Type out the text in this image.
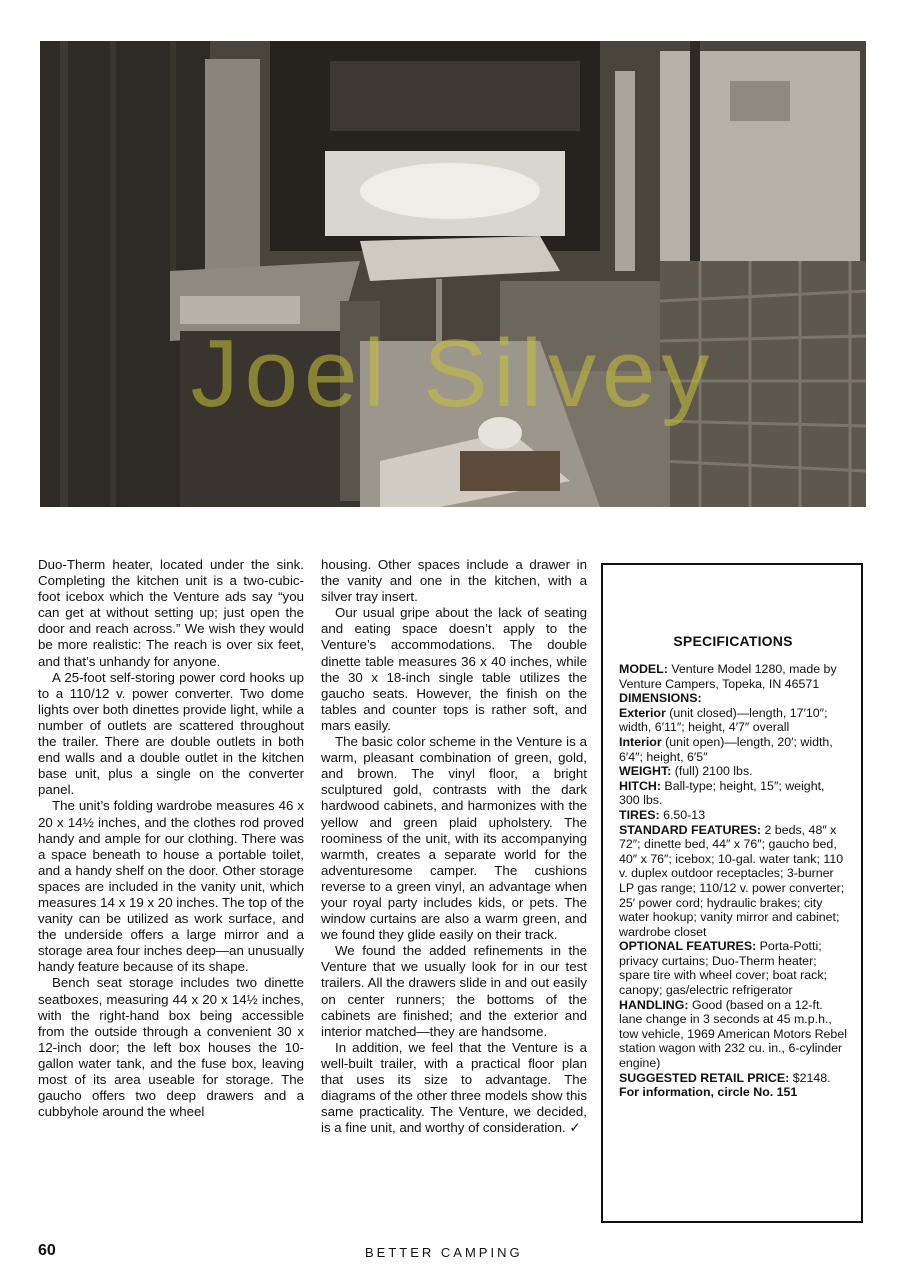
Joel Silvey

Duo-Therm heater, located under the sink. Completing the kitchen unit is a two-cubic-foot icebox which the Venture ads say “you can get at without setting up; just open the door and reach across.” We wish they would be more realistic: The reach is over six feet, and that’s unhandy for anyone.

A 25-foot self-storing power cord hooks up to a 110/12 v. power converter. Two dome lights over both dinettes provide light, while a number of outlets are scattered throughout the trailer. There are double outlets in both end walls and a double outlet in the kitchen base unit, plus a single on the converter panel.

The unit’s folding wardrobe measures 46 x 20 x 14½ inches, and the clothes rod proved handy and ample for our clothing. There was a space beneath to house a portable toilet, and a handy shelf on the door. Other storage spaces are included in the vanity unit, which measures 14 x 19 x 20 inches. The top of the vanity can be utilized as work surface, and the underside offers a large mirror and a storage area four inches deep—an unusually handy feature because of its shape.

Bench seat storage includes two dinette seatboxes, measuring 44 x 20 x 14½ inches, with the right-hand box being accessible from the outside through a convenient 30 x 12-inch door; the left box houses the 10-gallon water tank, and the fuse box, leaving most of its area useable for storage. The gaucho offers two deep drawers and a cubbyhole around the wheel

housing. Other spaces include a drawer in the vanity and one in the kitchen, with a silver tray insert.

Our usual gripe about the lack of seating and eating space doesn’t apply to the Venture’s accommodations. The double dinette table measures 36 x 40 inches, while the 30 x 18-inch single table utilizes the gaucho seats. However, the finish on the tables and counter tops is rather soft, and mars easily.

The basic color scheme in the Venture is a warm, pleasant combination of green, gold, and brown. The vinyl floor, a bright sculptured gold, contrasts with the dark hardwood cabinets, and harmonizes with the yellow and green plaid upholstery. The roominess of the unit, with its accompanying warmth, creates a separate world for the adventuresome camper. The cushions reverse to a green vinyl, an advantage when your royal party includes kids, or pets. The window curtains are also a warm green, and we found they glide easily on their track.

We found the added refinements in the Venture that we usually look for in our test trailers. All the drawers slide in and out easily on center runners; the bottoms of the cabinets are finished; and the exterior and interior matched—they are handsome.

In addition, we feel that the Venture is a well-built trailer, with a practical floor plan that uses its size to advantage. The diagrams of the other three models show this same practicality. The Venture, we decided, is a fine unit, and worthy of consideration. ✓

SPECIFICATIONS

MODEL: Venture Model 1280, made by Venture Campers, Topeka, IN 46571

DIMENSIONS:

Exterior (unit closed)—length, 17′10″; width, 6′11″; height, 4′7″ overall

Interior (unit open)—length, 20′; width, 6′4″; height, 6′5″

WEIGHT: (full) 2100 lbs.

HITCH: Ball-type; height, 15″; weight, 300 lbs.

TIRES: 6.50-13

STANDARD FEATURES: 2 beds, 48″ x 72″; dinette bed, 44″ x 76″; gaucho bed, 40″ x 76″; icebox; 10-gal. water tank; 110 v. duplex outdoor receptacles; 3-burner LP gas range; 110/12 v. power converter; 25′ power cord; hydraulic brakes; city water hookup; vanity mirror and cabinet; wardrobe closet

OPTIONAL FEATURES: Porta-Potti; privacy curtains; Duo-Therm heater; spare tire with wheel cover; boat rack; canopy; gas/electric refrigerator

HANDLING: Good (based on a 12-ft. lane change in 3 seconds at 45 m.p.h., tow vehicle, 1969 American Motors Rebel station wagon with 232 cu. in., 6-cylinder engine)

SUGGESTED RETAIL PRICE: $2148.

For information, circle No. 151

60	BETTER CAMPING
